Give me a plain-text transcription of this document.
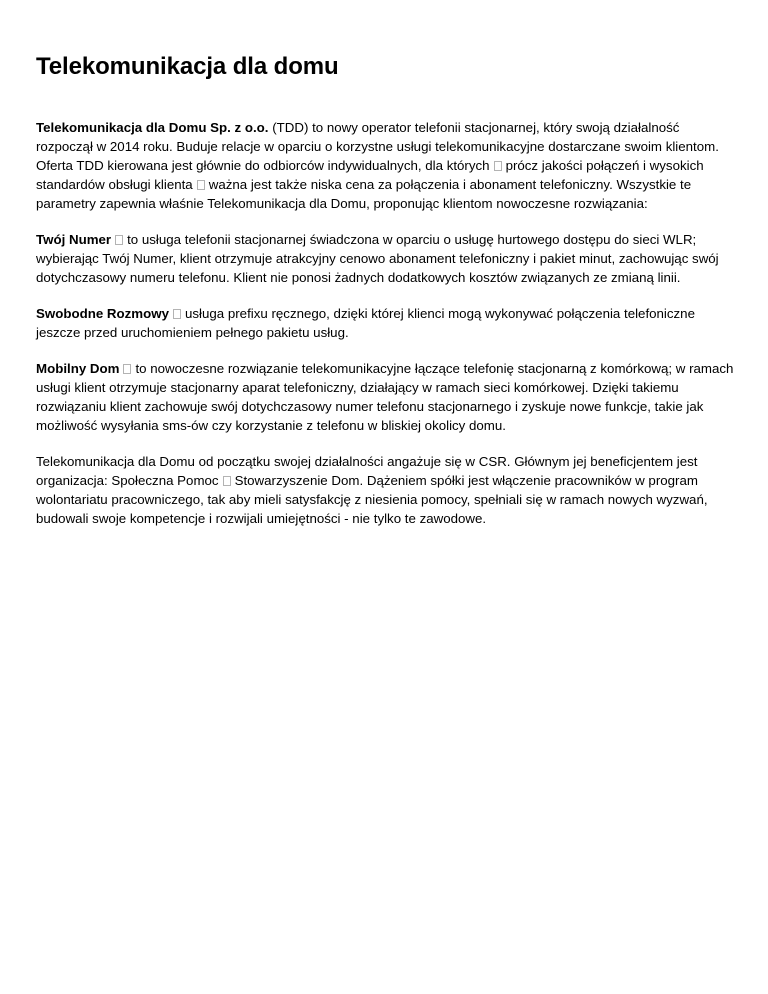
Telekomunikacja dla domu

Telekomunikacja dla Domu Sp. z o.o. (TDD) to nowy operator telefonii stacjonarnej, który swoją działalność rozpoczął w 2014 roku. Buduje relacje w oparciu o korzystne usługi telekomunikacyjne dostarczane swoim klientom. Oferta TDD kierowana jest głównie do odbiorców indywidualnych, dla których prócz jakości połączeń i wysokich standardów obsługi klienta ważna jest także niska cena za połączenia i abonament telefoniczny. Wszystkie te parametry zapewnia właśnie Telekomunikacja dla Domu, proponując klientom nowoczesne rozwiązania:

Twój Numer to usługa telefonii stacjonarnej świadczona w oparciu o usługę hurtowego dostępu do sieci WLR; wybierając Twój Numer, klient otrzymuje atrakcyjny cenowo abonament telefoniczny i pakiet minut, zachowując swój dotychczasowy numeru telefonu. Klient nie ponosi żadnych dodatkowych kosztów związanych ze zmianą linii.

Swobodne Rozmowy usługa prefixu ręcznego, dzięki której klienci mogą wykonywać połączenia telefoniczne jeszcze przed uruchomieniem pełnego pakietu usług.

Mobilny Dom to nowoczesne rozwiązanie telekomunikacyjne łączące telefonię stacjonarną z komórkową; w ramach usługi klient otrzymuje stacjonarny aparat telefoniczny, działający w ramach sieci komórkowej. Dzięki takiemu rozwiązaniu klient zachowuje swój dotychczasowy numer telefonu stacjonarnego i zyskuje nowe funkcje, takie jak możliwość wysyłania sms-ów czy korzystanie z telefonu w bliskiej okolicy domu.

Telekomunikacja dla Domu od początku swojej działalności angażuje się w CSR. Głównym jej beneficjentem jest organizacja: Społeczna Pomoc Stowarzyszenie Dom. Dążeniem spółki jest włączenie pracowników w program wolontariatu pracowniczego, tak aby mieli satysfakcję z niesienia pomocy, spełniali się w ramach nowych wyzwań, budowali swoje kompetencje i rozwijali umiejętności - nie tylko te zawodowe.
